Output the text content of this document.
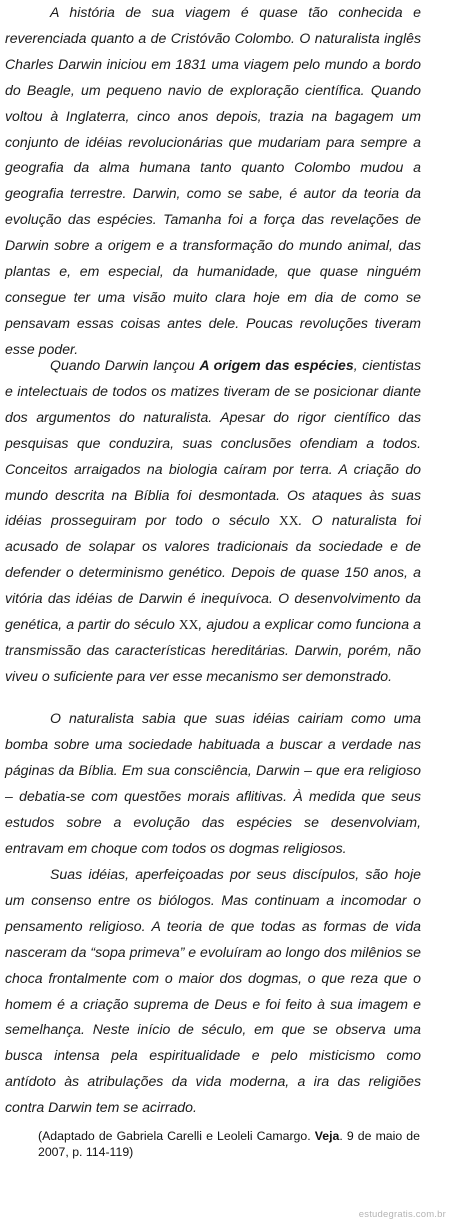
A história de sua viagem é quase tão conhecida e reverenciada quanto a de Cristóvão Colombo. O naturalista inglês Charles Darwin iniciou em 1831 uma viagem pelo mundo a bordo do Beagle, um pequeno navio de exploração científica. Quando voltou à Inglaterra, cinco anos depois, trazia na bagagem um conjunto de idéias revolucionárias que mudariam para sempre a geografia da alma humana tanto quanto Colombo mudou a geografia terrestre. Darwin, como se sabe, é autor da teoria da evolução das espécies. Tamanha foi a força das revelações de Darwin sobre a origem e a transformação do mundo animal, das plantas e, em especial, da humanidade, que quase ninguém consegue ter uma visão muito clara hoje em dia de como se pensavam essas coisas antes dele. Poucas revoluções tiveram esse poder.

Quando Darwin lançou A origem das espécies, cientistas e intelectuais de todos os matizes tiveram de se posicionar diante dos argumentos do naturalista. Apesar do rigor científico das pesquisas que conduzira, suas conclusões ofendiam a todos. Conceitos arraigados na biologia caíram por terra. A criação do mundo descrita na Bíblia foi desmontada. Os ataques às suas idéias prosseguiram por todo o século XX. O naturalista foi acusado de solapar os valores tradicionais da sociedade e de defender o determinismo genético. Depois de quase 150 anos, a vitória das idéias de Darwin é inequívoca. O desenvolvimento da genética, a partir do século XX, ajudou a explicar como funciona a transmissão das características hereditárias. Darwin, porém, não viveu o suficiente para ver esse mecanismo ser demonstrado.

O naturalista sabia que suas idéias cairiam como uma bomba sobre uma sociedade habituada a buscar a verdade nas páginas da Bíblia. Em sua consciência, Darwin – que era religioso – debatia-se com questões morais aflitivas. À medida que seus estudos sobre a evolução das espécies se desenvolviam, entravam em choque com todos os dogmas religiosos.

Suas idéias, aperfeiçoadas por seus discípulos, são hoje um consenso entre os biólogos. Mas continuam a incomodar o pensamento religioso. A teoria de que todas as formas de vida nasceram da “sopa primeva” e evoluíram ao longo dos milênios se choca frontalmente com o maior dos dogmas, o que reza que o homem é a criação suprema de Deus e foi feito à sua imagem e semelhança. Neste início de século, em que se observa uma busca intensa pela espiritualidade e pelo misticismo como antídoto às atribulações da vida moderna, a ira das religiões contra Darwin tem se acirrado.

(Adaptado de Gabriela Carelli e Leoleli Camargo. Veja. 9 de maio de 2007, p. 114-119)

estudegratis.com.br
